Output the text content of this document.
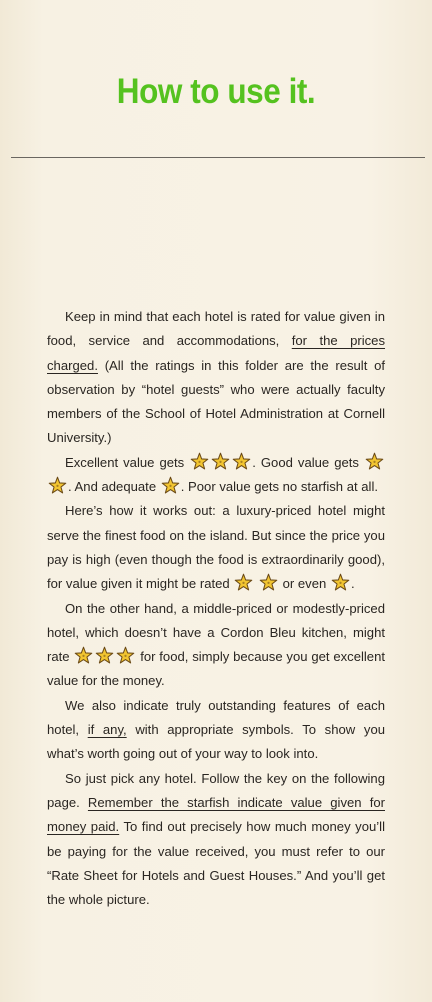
How to use it.

Keep in mind that each hotel is rated for value given in food, service and accommodations, for the prices charged. (All the ratings in this folder are the result of observation by “hotel guests” who were actually faculty members of the School of Hotel Administration at Cornell University.)

Excellent value gets	. Good value gets
. And adequate . Poor value gets no starfish at all.

Here’s how it works out: a luxury-priced hotel might serve the finest food on the island. But since the price you pay is high (even though the food is extraordinarily good), for value given it might be rated
	or even .

On the other hand, a middle-priced or modestly-priced hotel, which doesn’t have a Cordon Bleu kitchen, might rate	for food, simply because you get excellent value for the money.

We also indicate truly outstanding features of each hotel, if any, with appropriate symbols. To show you what’s worth going out of your way to look into.

So just pick any hotel. Follow the key on the following page. Remember the starfish indicate value given for money paid. To find out precisely how much money you’ll be paying for the value received, you must refer to our “Rate Sheet for Hotels and Guest Houses.” And you’ll get the whole picture.
